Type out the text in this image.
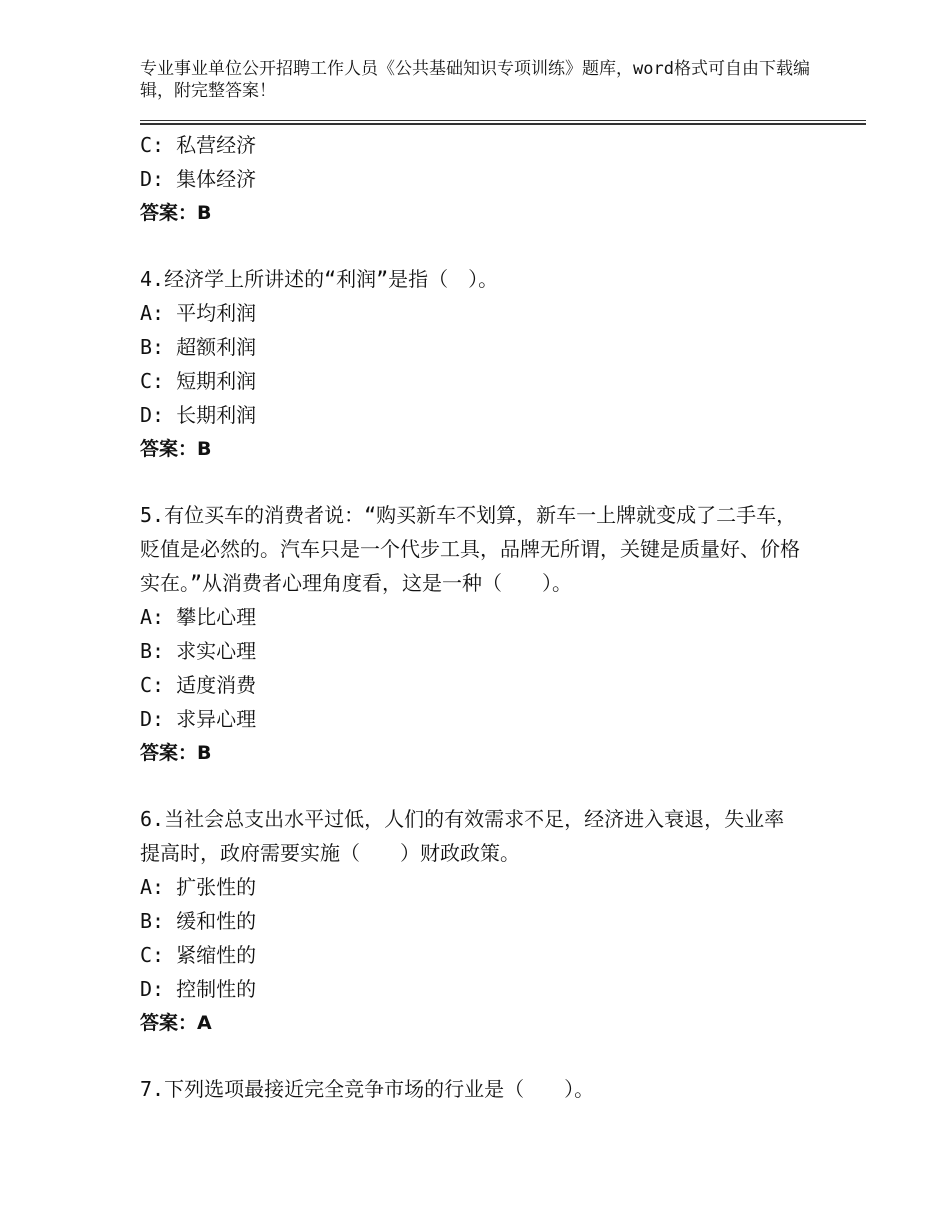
专业事业单位公开招聘工作人员《公共基础知识专项训练》题库，word格式可自由下载编辑，附完整答案！
C: 私营经济
D: 集体经济
答案：B
4.经济学上所讲述的“利润”是指（　）。
A: 平均利润
B: 超额利润
C: 短期利润
D: 长期利润
答案：B
5.有位买车的消费者说：“购买新车不划算，新车一上牌就变成了二手车，贬值是必然的。汽车只是一个代步工具，品牌无所谓，关键是质量好、价格实在。”从消费者心理角度看，这是一种（　　）。
A: 攀比心理
B: 求实心理
C: 适度消费
D: 求异心理
答案：B
6.当社会总支出水平过低，人们的有效需求不足，经济进入衰退，失业率提高时，政府需要实施（　　）财政政策。
A: 扩张性的
B: 缓和性的
C: 紧缩性的
D: 控制性的
答案：A
7.下列选项最接近完全竞争市场的行业是（　　）。
